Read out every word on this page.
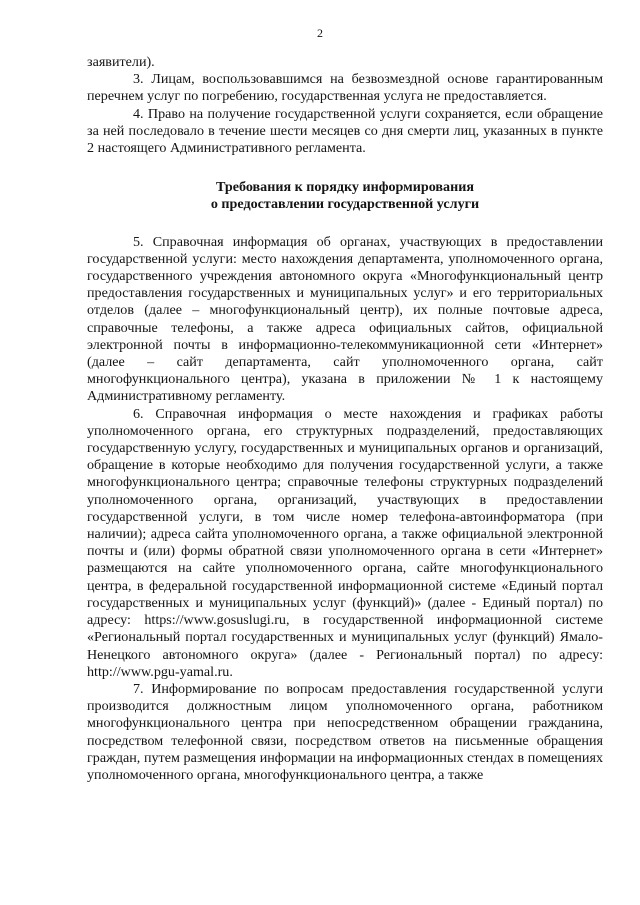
2

заявители).

3. Лицам, воспользовавшимся на безвозмездной основе гарантированным перечнем услуг по погребению, государственная услуга не предоставляется.

4. Право на получение государственной услуги сохраняется, если обращение за ней последовало в течение шести месяцев со дня смерти лиц, указанных в пункте 2 настоящего Административного регламента.

Требования к порядку информирования
о предоставлении государственной услуги

5. Справочная информация об органах, участвующих в предоставлении государственной услуги: место нахождения департамента, уполномоченного органа, государственного учреждения автономного округа «Многофункциональный центр предоставления государственных и муниципальных услуг» и его территориальных отделов (далее – многофункциональный центр), их полные почтовые адреса, справочные телефоны, а также адреса официальных сайтов, официальной электронной почты в информационно-телекоммуникационной сети «Интернет» (далее – сайт департамента, сайт уполномоченного органа, сайт многофункционального центра), указана в приложении № 1 к настоящему Административному регламенту.

6. Справочная информация о месте нахождения и графиках работы уполномоченного органа, его структурных подразделений, предоставляющих государственную услугу, государственных и муниципальных органов и организаций, обращение в которые необходимо для получения государственной услуги, а также многофункционального центра; справочные телефоны структурных подразделений уполномоченного органа, организаций, участвующих в предоставлении государственной услуги, в том числе номер телефона-автоинформатора (при наличии); адреса сайта уполномоченного органа, а также официальной электронной почты и (или) формы обратной связи уполномоченного органа в сети «Интернет» размещаются на сайте уполномоченного органа, сайте многофункционального центра, в федеральной государственной информационной системе «Единый портал государственных и муниципальных услуг (функций)» (далее - Единый портал) по адресу: https://www.gosuslugi.ru, в государственной информационной системе «Региональный портал государственных и муниципальных услуг (функций) Ямало-Ненецкого автономного округа» (далее - Региональный портал) по адресу: http://www.pgu-yamal.ru.

7. Информирование по вопросам предоставления государственной услуги производится должностным лицом уполномоченного органа, работником многофункционального центра при непосредственном обращении гражданина, посредством телефонной связи, посредством ответов на письменные обращения граждан, путем размещения информации на информационных стендах в помещениях уполномоченного органа, многофункционального центра, а также
